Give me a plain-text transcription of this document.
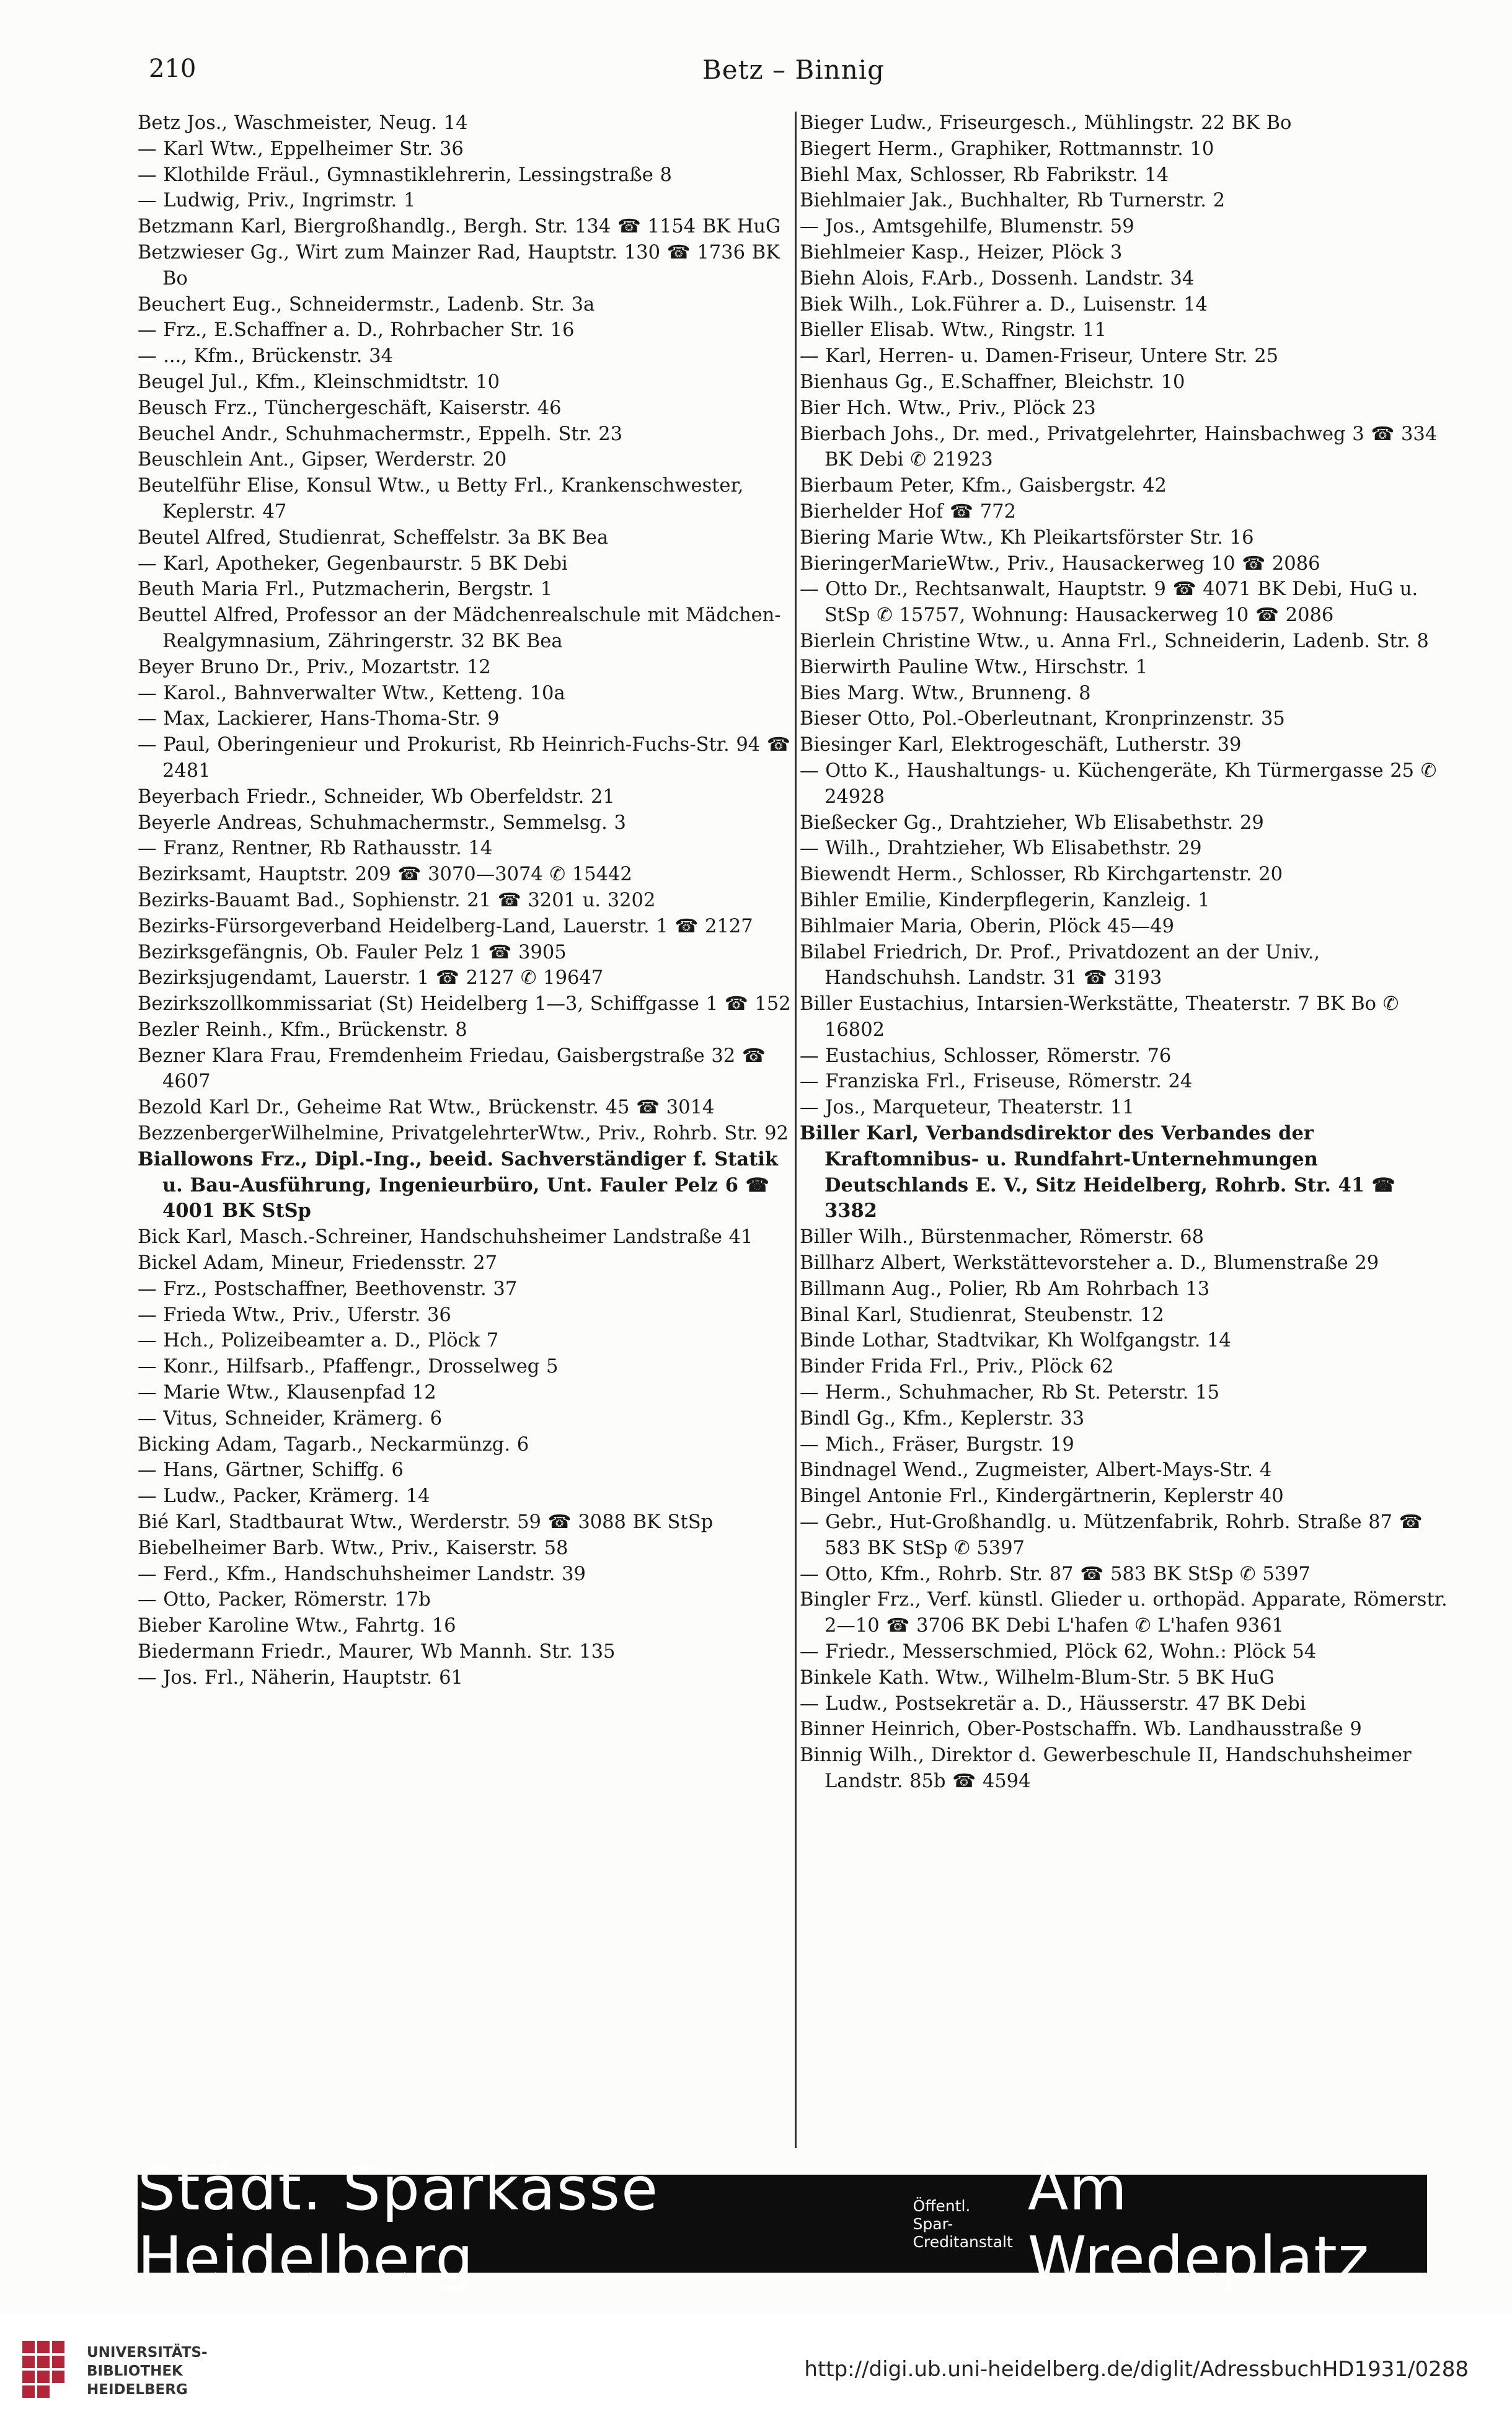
210	Betz – Binnig
Betz Jos., Waschmeister, Neug. 14
— Karl Wtw., Eppelheimer Str. 36
— Klothilde Fräul., Gymnastiklehrerin, Lessingstraße 8
— Ludwig, Priv., Ingrimstr. 1
Betzmann Karl, Biergroßhandlg., Bergh. Str. 134 ☎ 1154 BK HuG
Betzwieser Gg., Wirt zum Mainzer Rad, Hauptstr. 130 ☎ 1736 BK Bo
Beuchert Eug., Schneidermstr., Ladenb. Str. 3a
— Frz., E.Schaffner a. D., Rohrbacher Str. 16
— ..., Kfm., Brückenstr. 34
Beugel Jul., Kfm., Kleinschmidtstr. 10
Beusch Frz., Tünchergeschäft, Kaiserstr. 46
Beuchel Andr., Schuhmachermstr., Eppelh. Str. 23
Beuschlein Ant., Gipser, Werderstr. 20
Beutelführ Elise, Konsul Wtw., u Betty Frl., Krankenschwester, Keplerstr. 47
Beutel Alfred, Studienrat, Scheffelstr. 3a BK Bea
— Karl, Apotheker, Gegenbaurstr. 5 BK Debi
Beuth Maria Frl., Putzmacherin, Bergstr. 1
Beuttel Alfred, Professor an der Mädchenrealschule mit Mädchen-Realgymnasium, Zähringerstr. 32 BK Bea
Beyer Bruno Dr., Priv., Mozartstr. 12
— Karol., Bahnverwalter Wtw., Ketteng. 10a
— Max, Lackierer, Hans-Thoma-Str. 9
— Paul, Oberingenieur und Prokurist, Rb Heinrich-Fuchs-Str. 94 ☎ 2481
Beyerbach Friedr., Schneider, Wb Oberfeldstr. 21
Beyerle Andreas, Schuhmachermstr., Semmelsg. 3
— Franz, Rentner, Rb Rathausstr. 14
Bezirksamt, Hauptstr. 209 ☎ 3070—3074 ✆ 15442
Bezirks-Bauamt Bad., Sophienstr. 21 ☎ 3201 u. 3202
Bezirks-Fürsorgeverband Heidelberg-Land, Lauerstr. 1 ☎ 2127
Bezirksgefängnis, Ob. Fauler Pelz 1 ☎ 3905
Bezirksjugendamt, Lauerstr. 1 ☎ 2127 ✆ 19647
Bezirkszollkommissariat (St) Heidelberg 1—3, Schiffgasse 1 ☎ 152
Bezler Reinh., Kfm., Brückenstr. 8
Bezner Klara Frau, Fremdenheim Friedau, Gaisbergstraße 32 ☎ 4607
Bezold Karl Dr., Geheime Rat Wtw., Brückenstr. 45 ☎ 3014
BezzenbergerWilhelmine, PrivatgelehrterWtw., Priv., Rohrb. Str. 92
Biallowons Frz., Dipl.-Ing., beeid. Sachverständiger f. Statik u. Bau-Ausführung, Ingenieurbüro, Unt. Fauler Pelz 6 ☎ 4001 BK StSp
Bick Karl, Masch.-Schreiner, Handschuhsheimer Landstraße 41
Bickel Adam, Mineur, Friedensstr. 27
— Frz., Postschaffner, Beethovenstr. 37
— Frieda Wtw., Priv., Uferstr. 36
— Hch., Polizeibeamter a. D., Plöck 7
— Konr., Hilfsarb., Pfaffengr., Drosselweg 5
— Marie Wtw., Klausenpfad 12
— Vitus, Schneider, Krämerg. 6
Bicking Adam, Tagarb., Neckarmünzg. 6
— Hans, Gärtner, Schiffg. 6
— Ludw., Packer, Krämerg. 14
Bié Karl, Stadtbaurat Wtw., Werderstr. 59 ☎ 3088 BK StSp
Biebelheimer Barb. Wtw., Priv., Kaiserstr. 58
— Ferd., Kfm., Handschuhsheimer Landstr. 39
— Otto, Packer, Römerstr. 17b
Bieber Karoline Wtw., Fahrtg. 16
Biedermann Friedr., Maurer, Wb Mannh. Str. 135
— Jos. Frl., Näherin, Hauptstr. 61
Bieger Ludw., Friseurgesch., Mühlingstr. 22 BK Bo
Biegert Herm., Graphiker, Rottmannstr. 10
Biehl Max, Schlosser, Rb Fabrikstr. 14
Biehlmaier Jak., Buchhalter, Rb Turnerstr. 2
— Jos., Amtsgehilfe, Blumenstr. 59
Biehlmeier Kasp., Heizer, Plöck 3
Biehn Alois, F.Arb., Dossenh. Landstr. 34
Biek Wilh., Lok.Führer a. D., Luisenstr. 14
Bieller Elisab. Wtw., Ringstr. 11
— Karl, Herren- u. Damen-Friseur, Untere Str. 25
Bienhaus Gg., E.Schaffner, Bleichstr. 10
Bier Hch. Wtw., Priv., Plöck 23
Bierbach Johs., Dr. med., Privatgelehrter, Hainsbachweg 3 ☎ 334 BK Debi ✆ 21923
Bierbaum Peter, Kfm., Gaisbergstr. 42
Bierhelder Hof ☎ 772
Biering Marie Wtw., Kh Pleikartsförster Str. 16
BieringerMarieWtw., Priv., Hausackerweg 10 ☎ 2086
— Otto Dr., Rechtsanwalt, Hauptstr. 9 ☎ 4071 BK Debi, HuG u. StSp ✆ 15757, Wohnung: Hausackerweg 10 ☎ 2086
Bierlein Christine Wtw., u. Anna Frl., Schneiderin, Ladenb. Str. 8
Bierwirth Pauline Wtw., Hirschstr. 1
Bies Marg. Wtw., Brunneng. 8
Bieser Otto, Pol.-Oberleutnant, Kronprinzenstr. 35
Biesinger Karl, Elektrogeschäft, Lutherstr. 39
— Otto K., Haushaltungs- u. Küchengeräte, Kh Türmergasse 25 ✆ 24928
Bießecker Gg., Drahtzieher, Wb Elisabethstr. 29
— Wilh., Drahtzieher, Wb Elisabethstr. 29
Biewendt Herm., Schlosser, Rb Kirchgartenstr. 20
Bihler Emilie, Kinderpflegerin, Kanzleig. 1
Bihlmaier Maria, Oberin, Plöck 45—49
Bilabel Friedrich, Dr. Prof., Privatdozent an der Univ., Handschuhsh. Landstr. 31 ☎ 3193
Biller Eustachius, Intarsien-Werkstätte, Theaterstr. 7 BK Bo ✆ 16802
— Eustachius, Schlosser, Römerstr. 76
— Franziska Frl., Friseuse, Römerstr. 24
— Jos., Marqueteur, Theaterstr. 11
Biller Karl, Verbandsdirektor des Verbandes der Kraftomnibus- u. Rundfahrt-Unternehmungen Deutschlands E. V., Sitz Heidelberg, Rohrb. Str. 41 ☎ 3382
Biller Wilh., Bürstenmacher, Römerstr. 68
Billharz Albert, Werkstättevorsteher a. D., Blumenstraße 29
Billmann Aug., Polier, Rb Am Rohrbach 13
Binal Karl, Studienrat, Steubenstr. 12
Binde Lothar, Stadtvikar, Kh Wolfgangstr. 14
Binder Frida Frl., Priv., Plöck 62
— Herm., Schuhmacher, Rb St. Peterstr. 15
Bindl Gg., Kfm., Keplerstr. 33
— Mich., Fräser, Burgstr. 19
Bindnagel Wend., Zugmeister, Albert-Mays-Str. 4
Bingel Antonie Frl., Kindergärtnerin, Keplerstr 40
— Gebr., Hut-Großhandlg. u. Mützenfabrik, Rohrb. Straße 87 ☎ 583 BK StSp ✆ 5397
— Otto, Kfm., Rohrb. Str. 87 ☎ 583 BK StSp ✆ 5397
Bingler Frz., Verf. künstl. Glieder u. orthopäd. Apparate, Römerstr. 2—10 ☎ 3706 BK Debi L'hafen ✆ L'hafen 9361
— Friedr., Messerschmied, Plöck 62, Wohn.: Plöck 54
Binkele Kath. Wtw., Wilhelm-Blum-Str. 5 BK HuG
— Ludw., Postsekretär a. D., Häusserstr. 47 BK Debi
Binner Heinrich, Ober-Postschaffn. Wb. Landhausstraße 9
Binnig Wilh., Direktor d. Gewerbeschule II, Handschuhsheimer Landstr. 85b ☎ 4594
Städt. Sparkasse Heidelberg
Öffentl. Spar-
Creditanstalt
Am Wredeplatz
UNIVERSITÄTS-
BIBLIOTHEK
HEIDELBERG
http://digi.ub.uni-heidelberg.de/diglit/AdressbuchHD1931/0288
